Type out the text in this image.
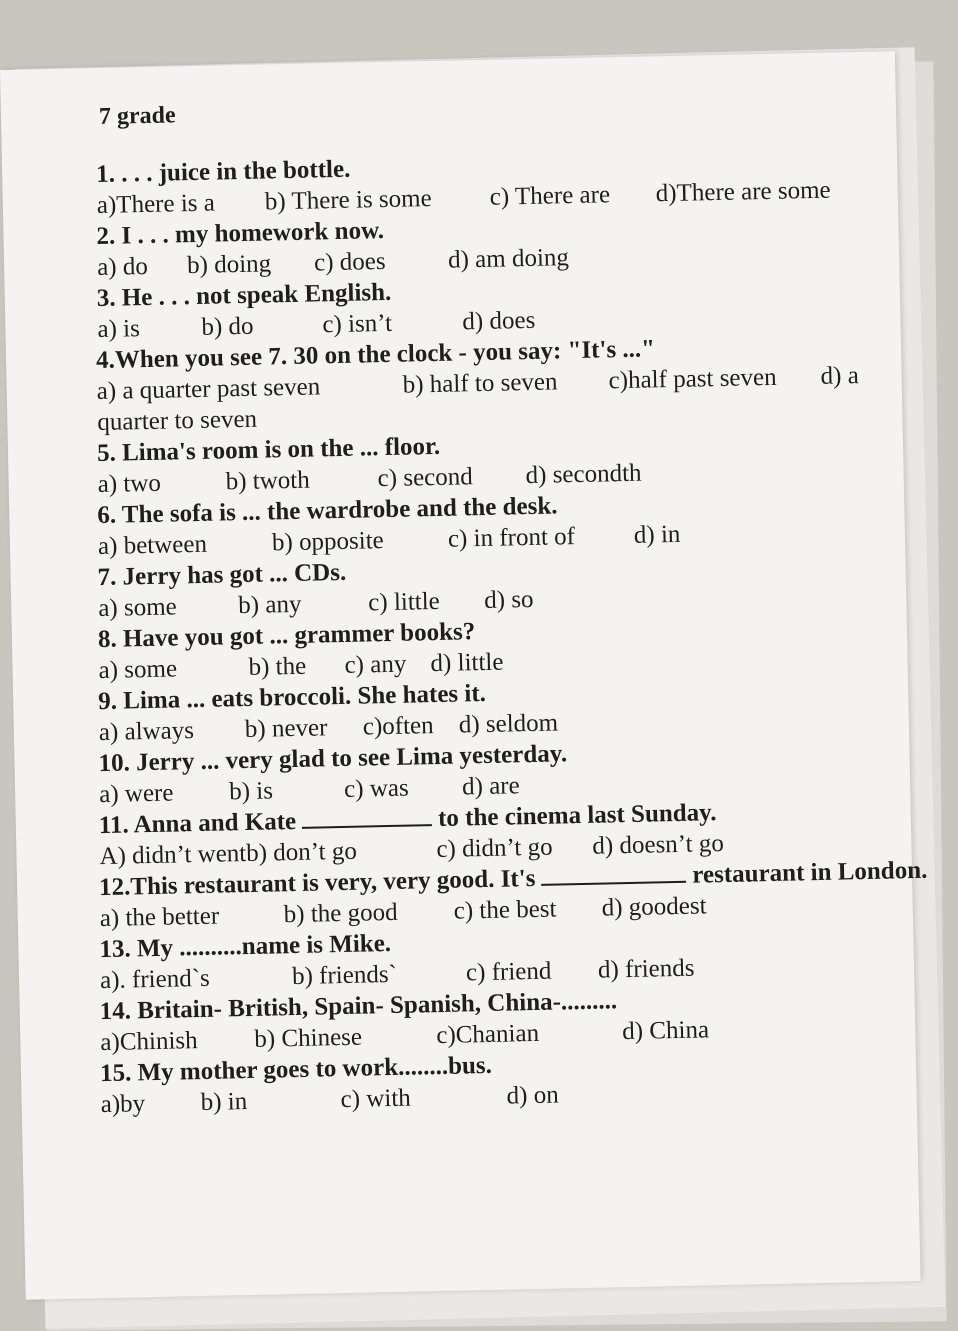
7 grade
1. . . . juice in the bottle.
a)There is a	b) There is some	c) There are	d)There are some
2. I . . . my homework now.
a) do	b) doing	c) does	d) am doing
3. He . . . not speak English.
a) is	b) do	c) isn’t	d) does
4.When you see 7. 30 on the clock - you say: "It's ..."
a) a quarter past seven	b) half to seven c)half past seven d) a quarter to seven
5. Lima's room is on the ... floor.
a) two	b) twoth	c) second	d) secondth
6. The sofa is ... the wardrobe and the desk.
a) between	b) opposite	c) in front of	d) in
7. Jerry has got ... CDs.
a) some	b) any	c) little	d) so
8. Have you got ... grammer books?
a) some	b) the	c) any d) little
9. Lima ... eats broccoli. She hates it.
a) always	b) never	c)often d) seldom
10. Jerry ... very glad to see Lima yesterday.
a) were	b) is	c) was	d) are
11. Anna and Kate	to the cinema last Sunday.
A) didn’t wentb) don’t go	c) didn’t go	d) doesn’t go
12.This restaurant is very, very good. It's	restaurant in London.
a) the better	b) the good	c) the best	d) goodest
13. My ..........name is Mike.
a). friend`s	b) friends`	c) friend	d) friends
14. Britain- British, Spain- Spanish, China-.........
a)Chinish	b) Chinese	c)Chanian	d) China
15. My mother goes to work........bus.
a)by	b) in	c) with	d) on
